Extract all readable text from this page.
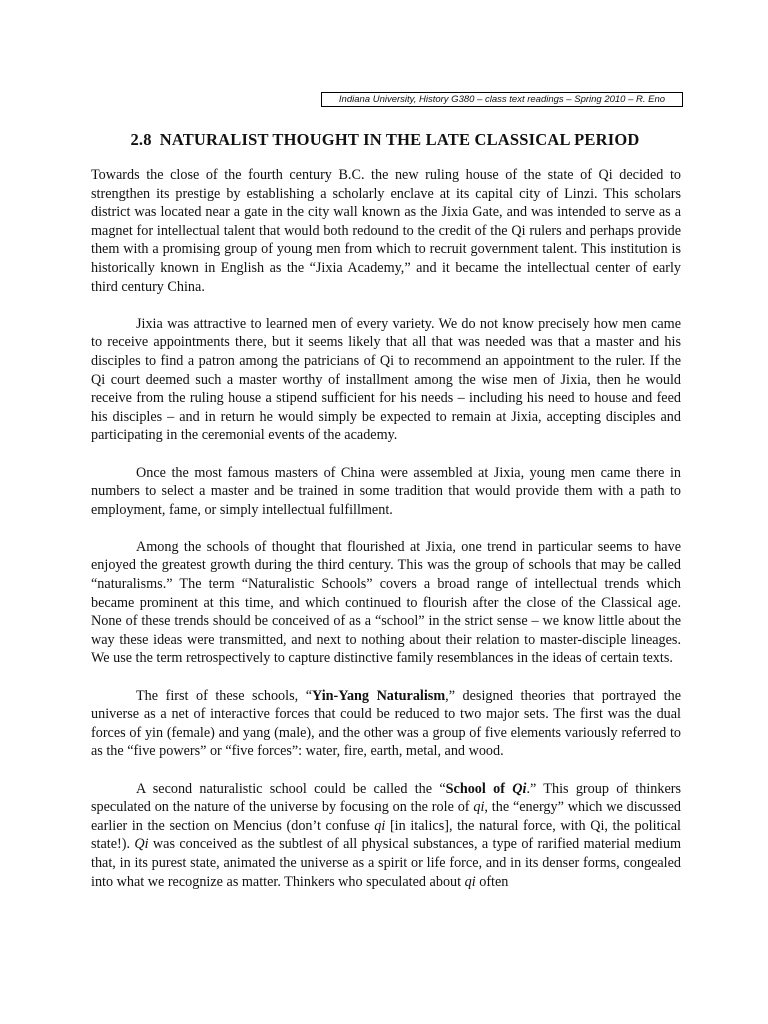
Indiana University, History G380 – class text readings – Spring 2010 – R. Eno
2.8 NATURALIST THOUGHT IN THE LATE CLASSICAL PERIOD

Towards the close of the fourth century B.C. the new ruling house of the state of Qi decided to strengthen its prestige by establishing a scholarly enclave at its capital city of Linzi. This scholars district was located near a gate in the city wall known as the Jixia Gate, and was intended to serve as a magnet for intellectual talent that would both redound to the credit of the Qi rulers and perhaps provide them with a promising group of young men from which to recruit government talent. This institution is historically known in English as the “Jixia Academy,” and it became the intellectual center of early third century China.

Jixia was attractive to learned men of every variety. We do not know precisely how men came to receive appointments there, but it seems likely that all that was needed was that a master and his disciples to find a patron among the patricians of Qi to recommend an appointment to the ruler. If the Qi court deemed such a master worthy of installment among the wise men of Jixia, then he would receive from the ruling house a stipend sufficient for his needs – including his need to house and feed his disciples – and in return he would simply be expected to remain at Jixia, accepting disciples and participating in the ceremonial events of the academy.

Once the most famous masters of China were assembled at Jixia, young men came there in numbers to select a master and be trained in some tradition that would provide them with a path to employment, fame, or simply intellectual fulfillment.

Among the schools of thought that flourished at Jixia, one trend in particular seems to have enjoyed the greatest growth during the third century. This was the group of schools that may be called “naturalisms.” The term “Naturalistic Schools” covers a broad range of intellectual trends which became prominent at this time, and which continued to flourish after the close of the Classical age. None of these trends should be conceived of as a “school” in the strict sense – we know little about the way these ideas were transmitted, and next to nothing about their relation to master-disciple lineages. We use the term retrospectively to capture distinctive family resemblances in the ideas of certain texts.

The first of these schools, “Yin-Yang Naturalism,” designed theories that portrayed the universe as a net of interactive forces that could be reduced to two major sets. The first was the dual forces of yin (female) and yang (male), and the other was a group of five elements variously referred to as the “five powers” or “five forces”: water, fire, earth, metal, and wood.

A second naturalistic school could be called the “School of Qi.” This group of thinkers speculated on the nature of the universe by focusing on the role of qi, the “energy” which we discussed earlier in the section on Mencius (don’t confuse qi [in italics], the natural force, with Qi, the political state!). Qi was conceived as the subtlest of all physical substances, a type of rarified material medium that, in its purest state, animated the universe as a spirit or life force, and in its denser forms, congealed into what we recognize as matter. Thinkers who speculated about qi often
